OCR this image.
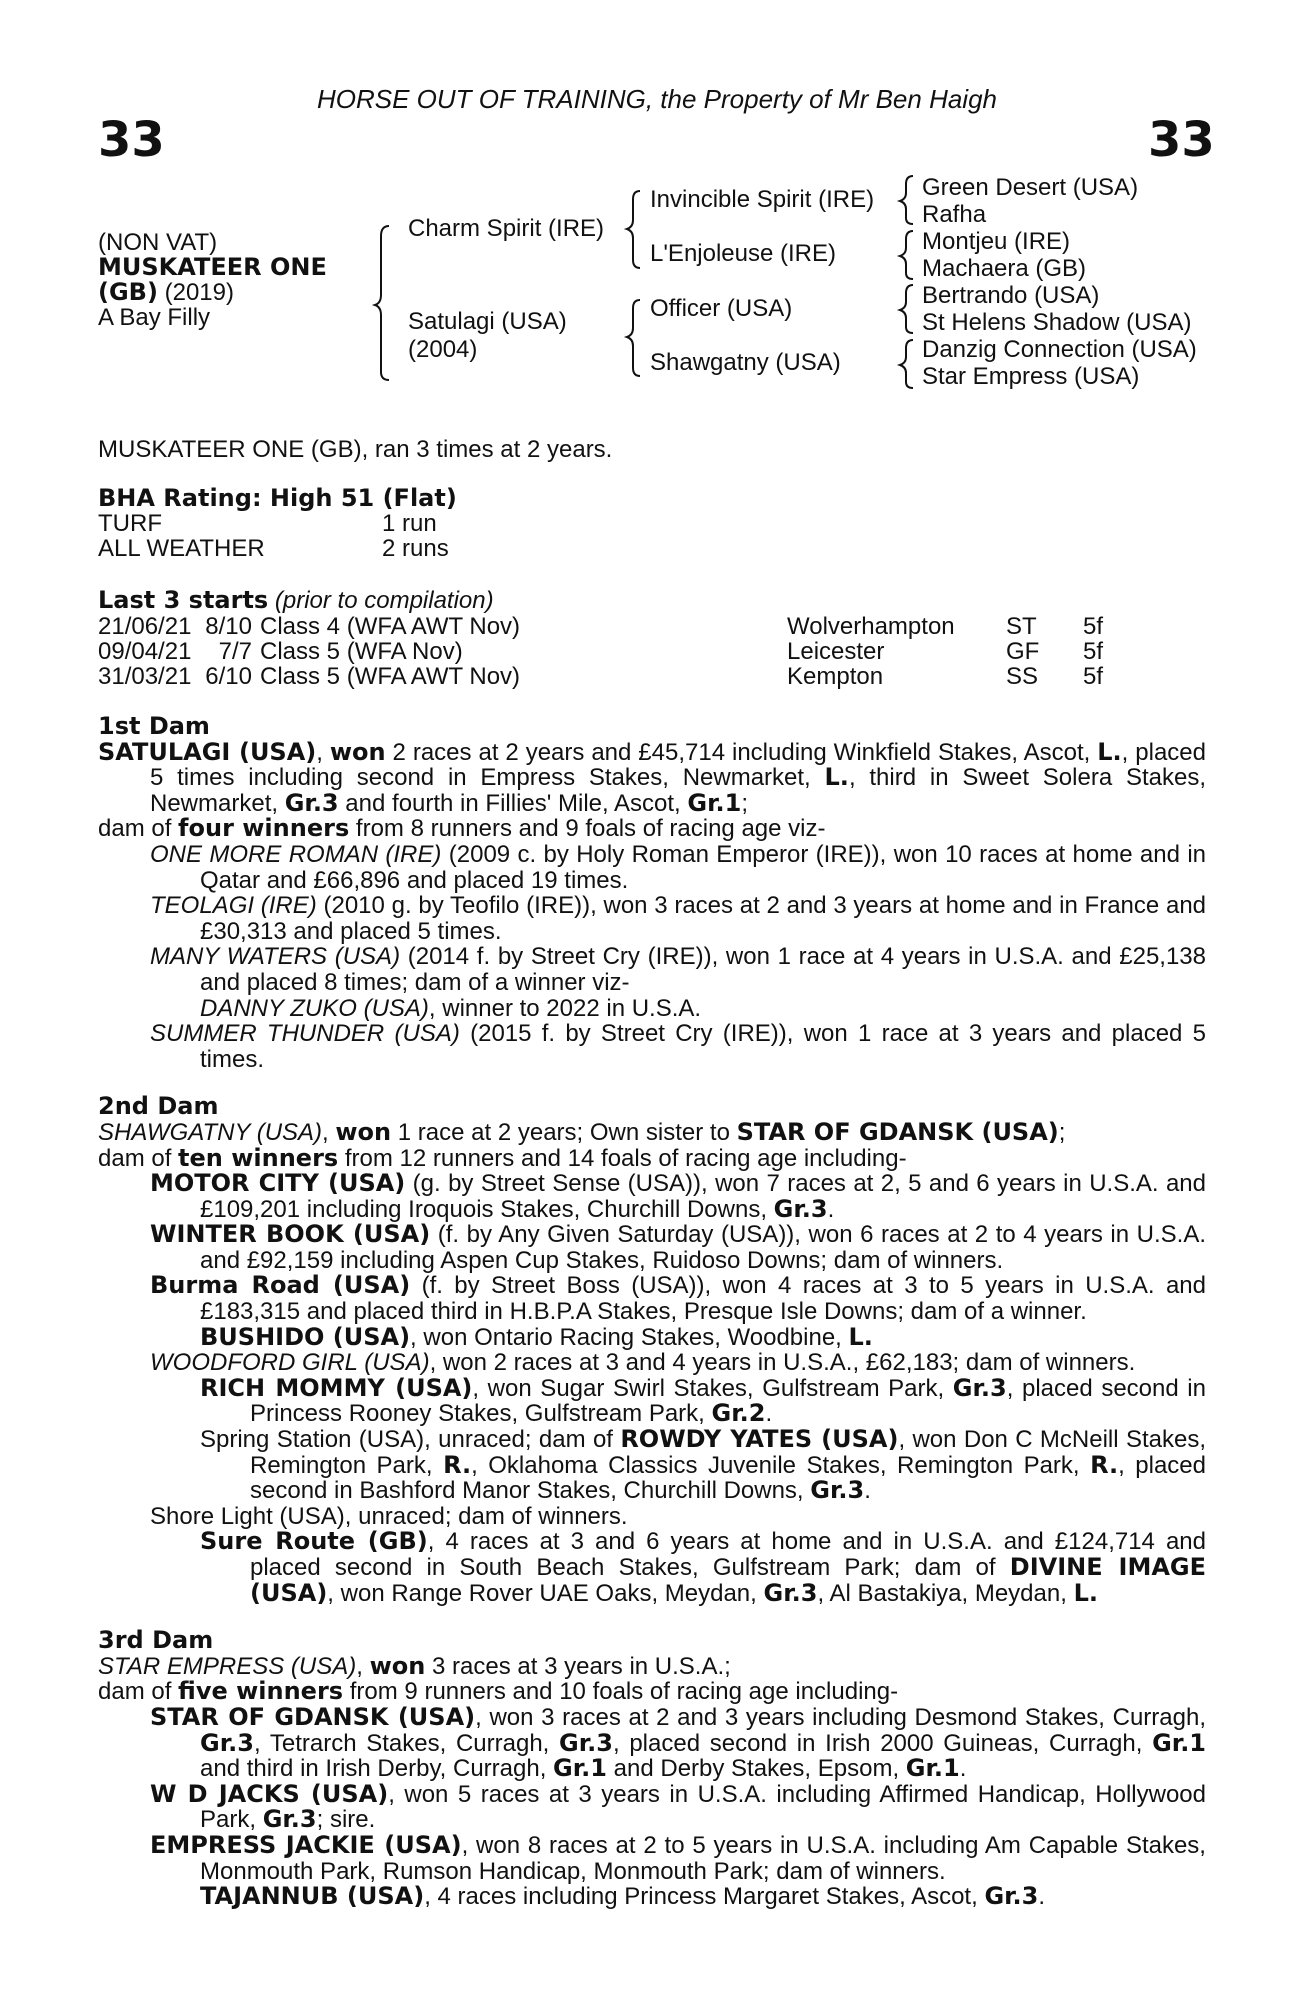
HORSE OUT OF TRAINING, the Property of Mr Ben Haigh
33	33
(NON VAT)
MUSKATEER ONE
(GB) (2019)
A Bay Filly
Charm Spirit (IRE)
Satulagi (USA)
(2004)
Invincible Spirit (IRE)
L'Enjoleuse (IRE)
Officer (USA)
Shawgatny (USA)
Green Desert (USA)
Rafha
Montjeu (IRE)
Machaera (GB)
Bertrando (USA)
St Helens Shadow (USA)
Danzig Connection (USA)
Star Empress (USA)
MUSKATEER ONE (GB), ran 3 times at 2 years.
BHA Rating: High 51 (Flat)
TURF	1 run
ALL WEATHER	2 runs
Last 3 starts (prior to compilation)
21/06/21	8/10	Class 4 (WFA AWT Nov)	Wolverhampton	ST	5f
09/04/21	7/7	Class 5 (WFA Nov)	Leicester	GF	5f
31/03/21	6/10	Class 5 (WFA AWT Nov)	Kempton	SS	5f

1st Dam

SATULAGI (USA), won 2 races at 2 years and £45,714 including Winkfield Stakes, Ascot, L., placed 5 times including second in Empress Stakes, Newmarket, L., third in Sweet Solera Stakes, Newmarket, Gr.3 and fourth in Fillies' Mile, Ascot, Gr.1;

dam of four winners from 8 runners and 9 foals of racing age viz-

ONE MORE ROMAN (IRE) (2009 c. by Holy Roman Emperor (IRE)), won 10 races at home and in Qatar and £66,896 and placed 19 times.

TEOLAGI (IRE) (2010 g. by Teofilo (IRE)), won 3 races at 2 and 3 years at home and in France and £30,313 and placed 5 times.

MANY WATERS (USA) (2014 f. by Street Cry (IRE)), won 1 race at 4 years in U.S.A. and £25,138 and placed 8 times; dam of a winner viz-

DANNY ZUKO (USA), winner to 2022 in U.S.A.

SUMMER THUNDER (USA) (2015 f. by Street Cry (IRE)), won 1 race at 3 years and placed 5 times.

2nd Dam

SHAWGATNY (USA), won 1 race at 2 years; Own sister to STAR OF GDANSK (USA);

dam of ten winners from 12 runners and 14 foals of racing age including-

MOTOR CITY (USA) (g. by Street Sense (USA)), won 7 races at 2, 5 and 6 years in U.S.A. and £109,201 including Iroquois Stakes, Churchill Downs, Gr.3.

WINTER BOOK (USA) (f. by Any Given Saturday (USA)), won 6 races at 2 to 4 years in U.S.A. and £92,159 including Aspen Cup Stakes, Ruidoso Downs; dam of winners.

Burma Road (USA) (f. by Street Boss (USA)), won 4 races at 3 to 5 years in U.S.A. and £183,315 and placed third in H.B.P.A Stakes, Presque Isle Downs; dam of a winner.

BUSHIDO (USA), won Ontario Racing Stakes, Woodbine, L.

WOODFORD GIRL (USA), won 2 races at 3 and 4 years in U.S.A., £62,183; dam of winners.

RICH MOMMY (USA), won Sugar Swirl Stakes, Gulfstream Park, Gr.3, placed second in Princess Rooney Stakes, Gulfstream Park, Gr.2.

Spring Station (USA), unraced; dam of ROWDY YATES (USA), won Don C McNeill Stakes, Remington Park, R., Oklahoma Classics Juvenile Stakes, Remington Park, R., placed second in Bashford Manor Stakes, Churchill Downs, Gr.3.

Shore Light (USA), unraced; dam of winners.

Sure Route (GB), 4 races at 3 and 6 years at home and in U.S.A. and £124,714 and placed second in South Beach Stakes, Gulfstream Park; dam of DIVINE IMAGE (USA), won Range Rover UAE Oaks, Meydan, Gr.3, Al Bastakiya, Meydan, L.

3rd Dam

STAR EMPRESS (USA), won 3 races at 3 years in U.S.A.;

dam of five winners from 9 runners and 10 foals of racing age including-

STAR OF GDANSK (USA), won 3 races at 2 and 3 years including Desmond Stakes, Curragh, Gr.3, Tetrarch Stakes, Curragh, Gr.3, placed second in Irish 2000 Guineas, Curragh, Gr.1 and third in Irish Derby, Curragh, Gr.1 and Derby Stakes, Epsom, Gr.1.

W D JACKS (USA), won 5 races at 3 years in U.S.A. including Affirmed Handicap, Hollywood Park, Gr.3; sire.

EMPRESS JACKIE (USA), won 8 races at 2 to 5 years in U.S.A. including Am Capable Stakes, Monmouth Park, Rumson Handicap, Monmouth Park; dam of winners.

TAJANNUB (USA), 4 races including Princess Margaret Stakes, Ascot, Gr.3.
